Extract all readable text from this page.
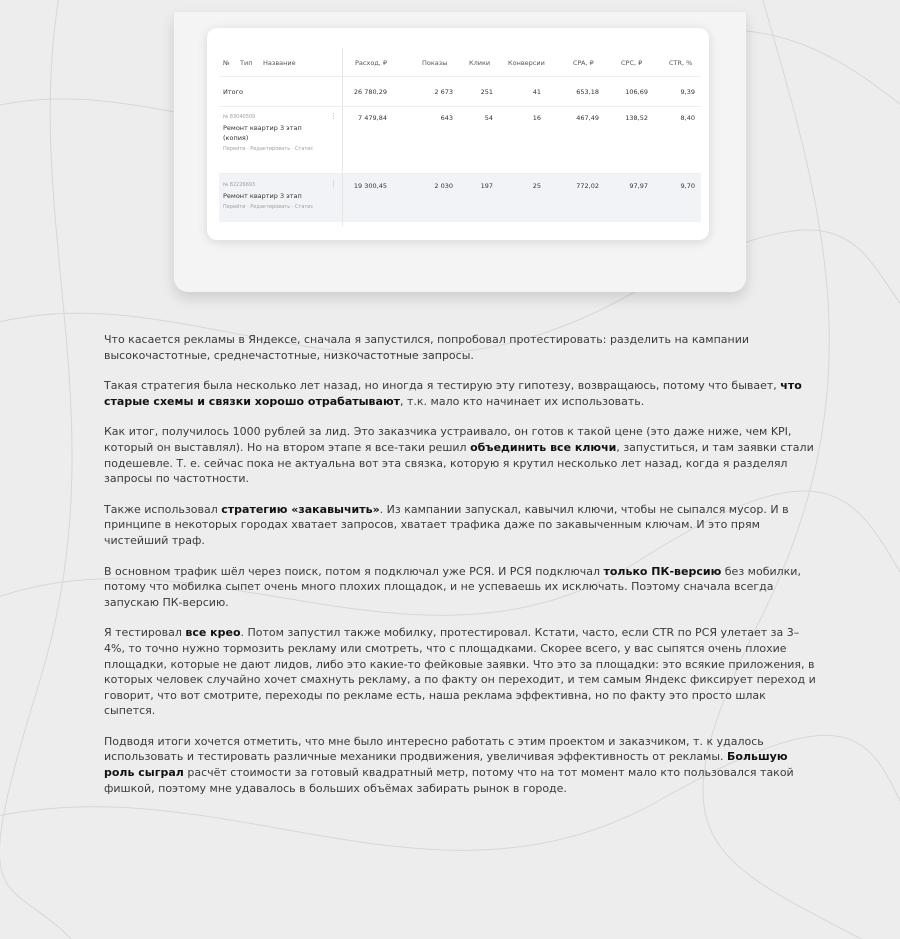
№ Тип Название	Расход, ₽	Показы	Клики	Конверсии	CPA, ₽	CPC, ₽	CTR, %
Итого	26 780,29	2 673	251	41	653,18	106,69	9,39
№ 83040509	⋮
Ремонт квартир 3 этап
(копия)
Перейти · Редактировать · Статис
7 479,84	643	54	16	467,49	138,52	8,40
№ 82226693	⋮
Ремонт квартир 3 этап
Перейти · Редактировать · Статис
19 300,45	2 030	197	25	772,02	97,97	9,70

Что касается рекламы в Яндексе, сначала я запустился, попробовал протестировать: разделить на кампании высокочастотные, среднечастотные, низкочастотные запросы.

Такая стратегия была несколько лет назад, но иногда я тестирую эту гипотезу, возвращаюсь, потому что бывает, что старые схемы и связки хорошо отрабатывают, т.к. мало кто начинает их использовать.

Как итог, получилось 1000 рублей за лид. Это заказчика устраивало, он готов к такой цене (это даже ниже, чем KPI, который он выставлял). Но на втором этапе я все-таки решил объединить все ключи, запуститься, и там заявки стали подешевле. Т. е. сейчас пока не актуальна вот эта связка, которую я крутил несколько лет назад, когда я разделял запросы по частотности.

Также использовал стратегию «закавычить». Из кампании запускал, кавычил ключи, чтобы не сыпался мусор. И в принципе в некоторых городах хватает запросов, хватает трафика даже по закавыченным ключам. И это прям чистейший траф.

В основном трафик шёл через поиск, потом я подключал уже РСЯ. И РСЯ подключал только ПК-версию без мобилки, потому что мобилка сыпет очень много плохих площадок, и не успеваешь их исключать. Поэтому сначала всегда запускаю ПК-версию.

Я тестировал все крео. Потом запустил также мобилку, протестировал. Кстати, часто, если CTR по РСЯ улетает за 3–4%, то точно нужно тормозить рекламу или смотреть, что с площадками. Скорее всего, у вас сыпятся очень плохие площадки, которые не дают лидов, либо это какие-то фейковые заявки. Что это за площадки: это всякие приложения, в которых человек случайно хочет смахнуть рекламу, а по факту он переходит, и тем самым Яндекс фиксирует переход и говорит, что вот смотрите, переходы по рекламе есть, наша реклама эффективна, но по факту это просто шлак сыпется.

Подводя итоги хочется отметить, что мне было интересно работать с этим проектом и заказчиком, т. к удалось использовать и тестировать различные механики продвижения, увеличивая эффективность от рекламы. Большую роль сыграл расчёт стоимости за готовый квадратный метр, потому что на тот момент мало кто пользовался такой фишкой, поэтому мне удавалось в больших объёмах забирать рынок в городе.
